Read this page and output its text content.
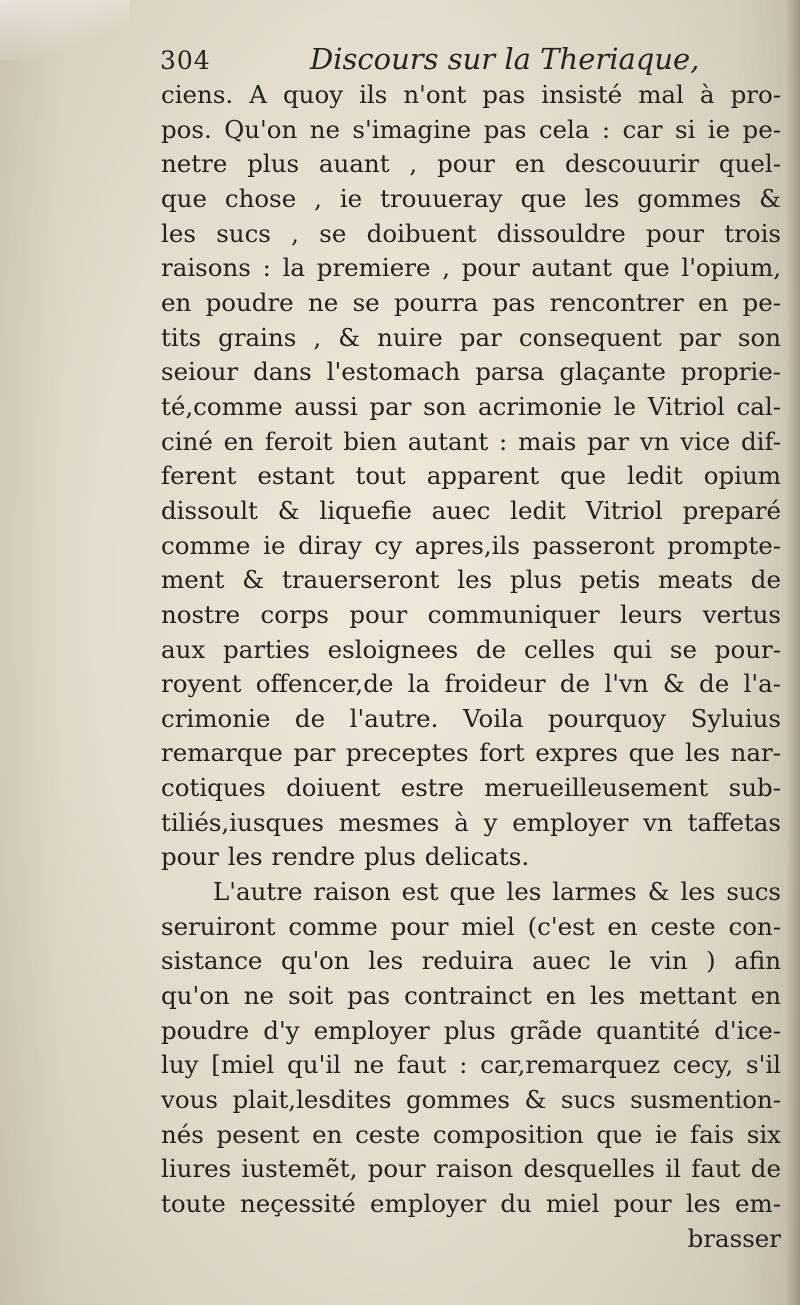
304	Discours sur la Theriaque,
ciens. A quoy ils n'ont pas insisté mal à pro-
pos. Qu'on ne s'imagine pas cela : car si ie pe-
netre plus auant , pour en descouurir quel-
que chose , ie trouueray que les gommes &
les sucs , se doibuent dissouldre pour trois
raisons : la premiere , pour autant que l'opium,
en poudre ne se pourra pas rencontrer en pe-
tits grains , & nuire par consequent par son
seiour dans l'estomach parsa glaçante proprie-
té,comme aussi par son acrimonie le Vitriol cal-
ciné en feroit bien autant : mais par vn vice dif-
ferent estant tout apparent que ledit opium
dissoult & liquefie auec ledit Vitriol preparé
comme ie diray cy apres,ils passeront prompte-
ment & trauerseront les plus petis meats de
nostre corps pour communiquer leurs vertus
aux parties esloignees de celles qui se pour-
royent offencer,de la froideur de l'vn & de l'a-
crimonie de l'autre. Voila pourquoy Syluius
remarque par preceptes fort expres que les nar-
cotiques doiuent estre merueilleusement sub-
tiliés,iusques mesmes à y employer vn taffetas
pour les rendre plus delicats.
L'autre raison est que les larmes & les sucs
seruiront comme pour miel (c'est en ceste con-
sistance qu'on les reduira auec le vin ) afin
qu'on ne soit pas contrainct en les mettant en
poudre d'y employer plus grãde quantité d'ice-
luy [miel qu'il ne faut : car,remarquez cecy, s'il
vous plait,lesdites gommes & sucs susmention-
nés pesent en ceste composition que ie fais six
liures iustemẽt, pour raison desquelles il faut de
toute neçessité employer du miel pour les em-
brasser
